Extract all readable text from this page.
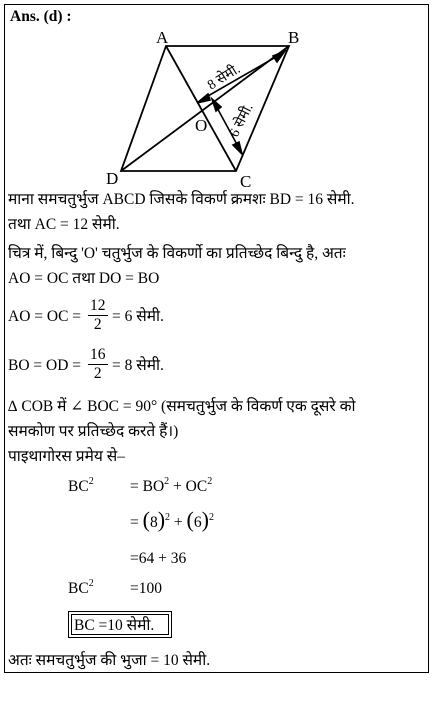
Ans. (d) :
A	B
C
D
O
8 सेमी.
6 सेमी.
माना समचतुर्भुज ABCD जिसके विकर्ण क्रमशः BD = 16 सेमी.
तथा AC = 12 सेमी.
चित्र में, बिन्दु 'O' चतुर्भुज के विकर्णो का प्रतिच्छेद बिन्दु है, अतः
AO = OC तथा DO = BO
AO = OC = $\frac{12}{2} = 6$ सेमी.
BO = OD = $\frac{16}{2} = 8$ सेमी.
∆ COB में ∠ BOC = 90° (समचतुर्भुज के विकर्ण एक दूसरे को
समकोण पर प्रतिच्छेद करते हैं।)
पाइथागोरस प्रमेय से–
$BC^2 = BO^2 + OC^2$
= $(8)^2 + (6)^2$
=64 + 36
$BC^2 =100$
BC =10 सेमी.
अतः समचतुर्भुज की भुजा = 10 सेमी.
